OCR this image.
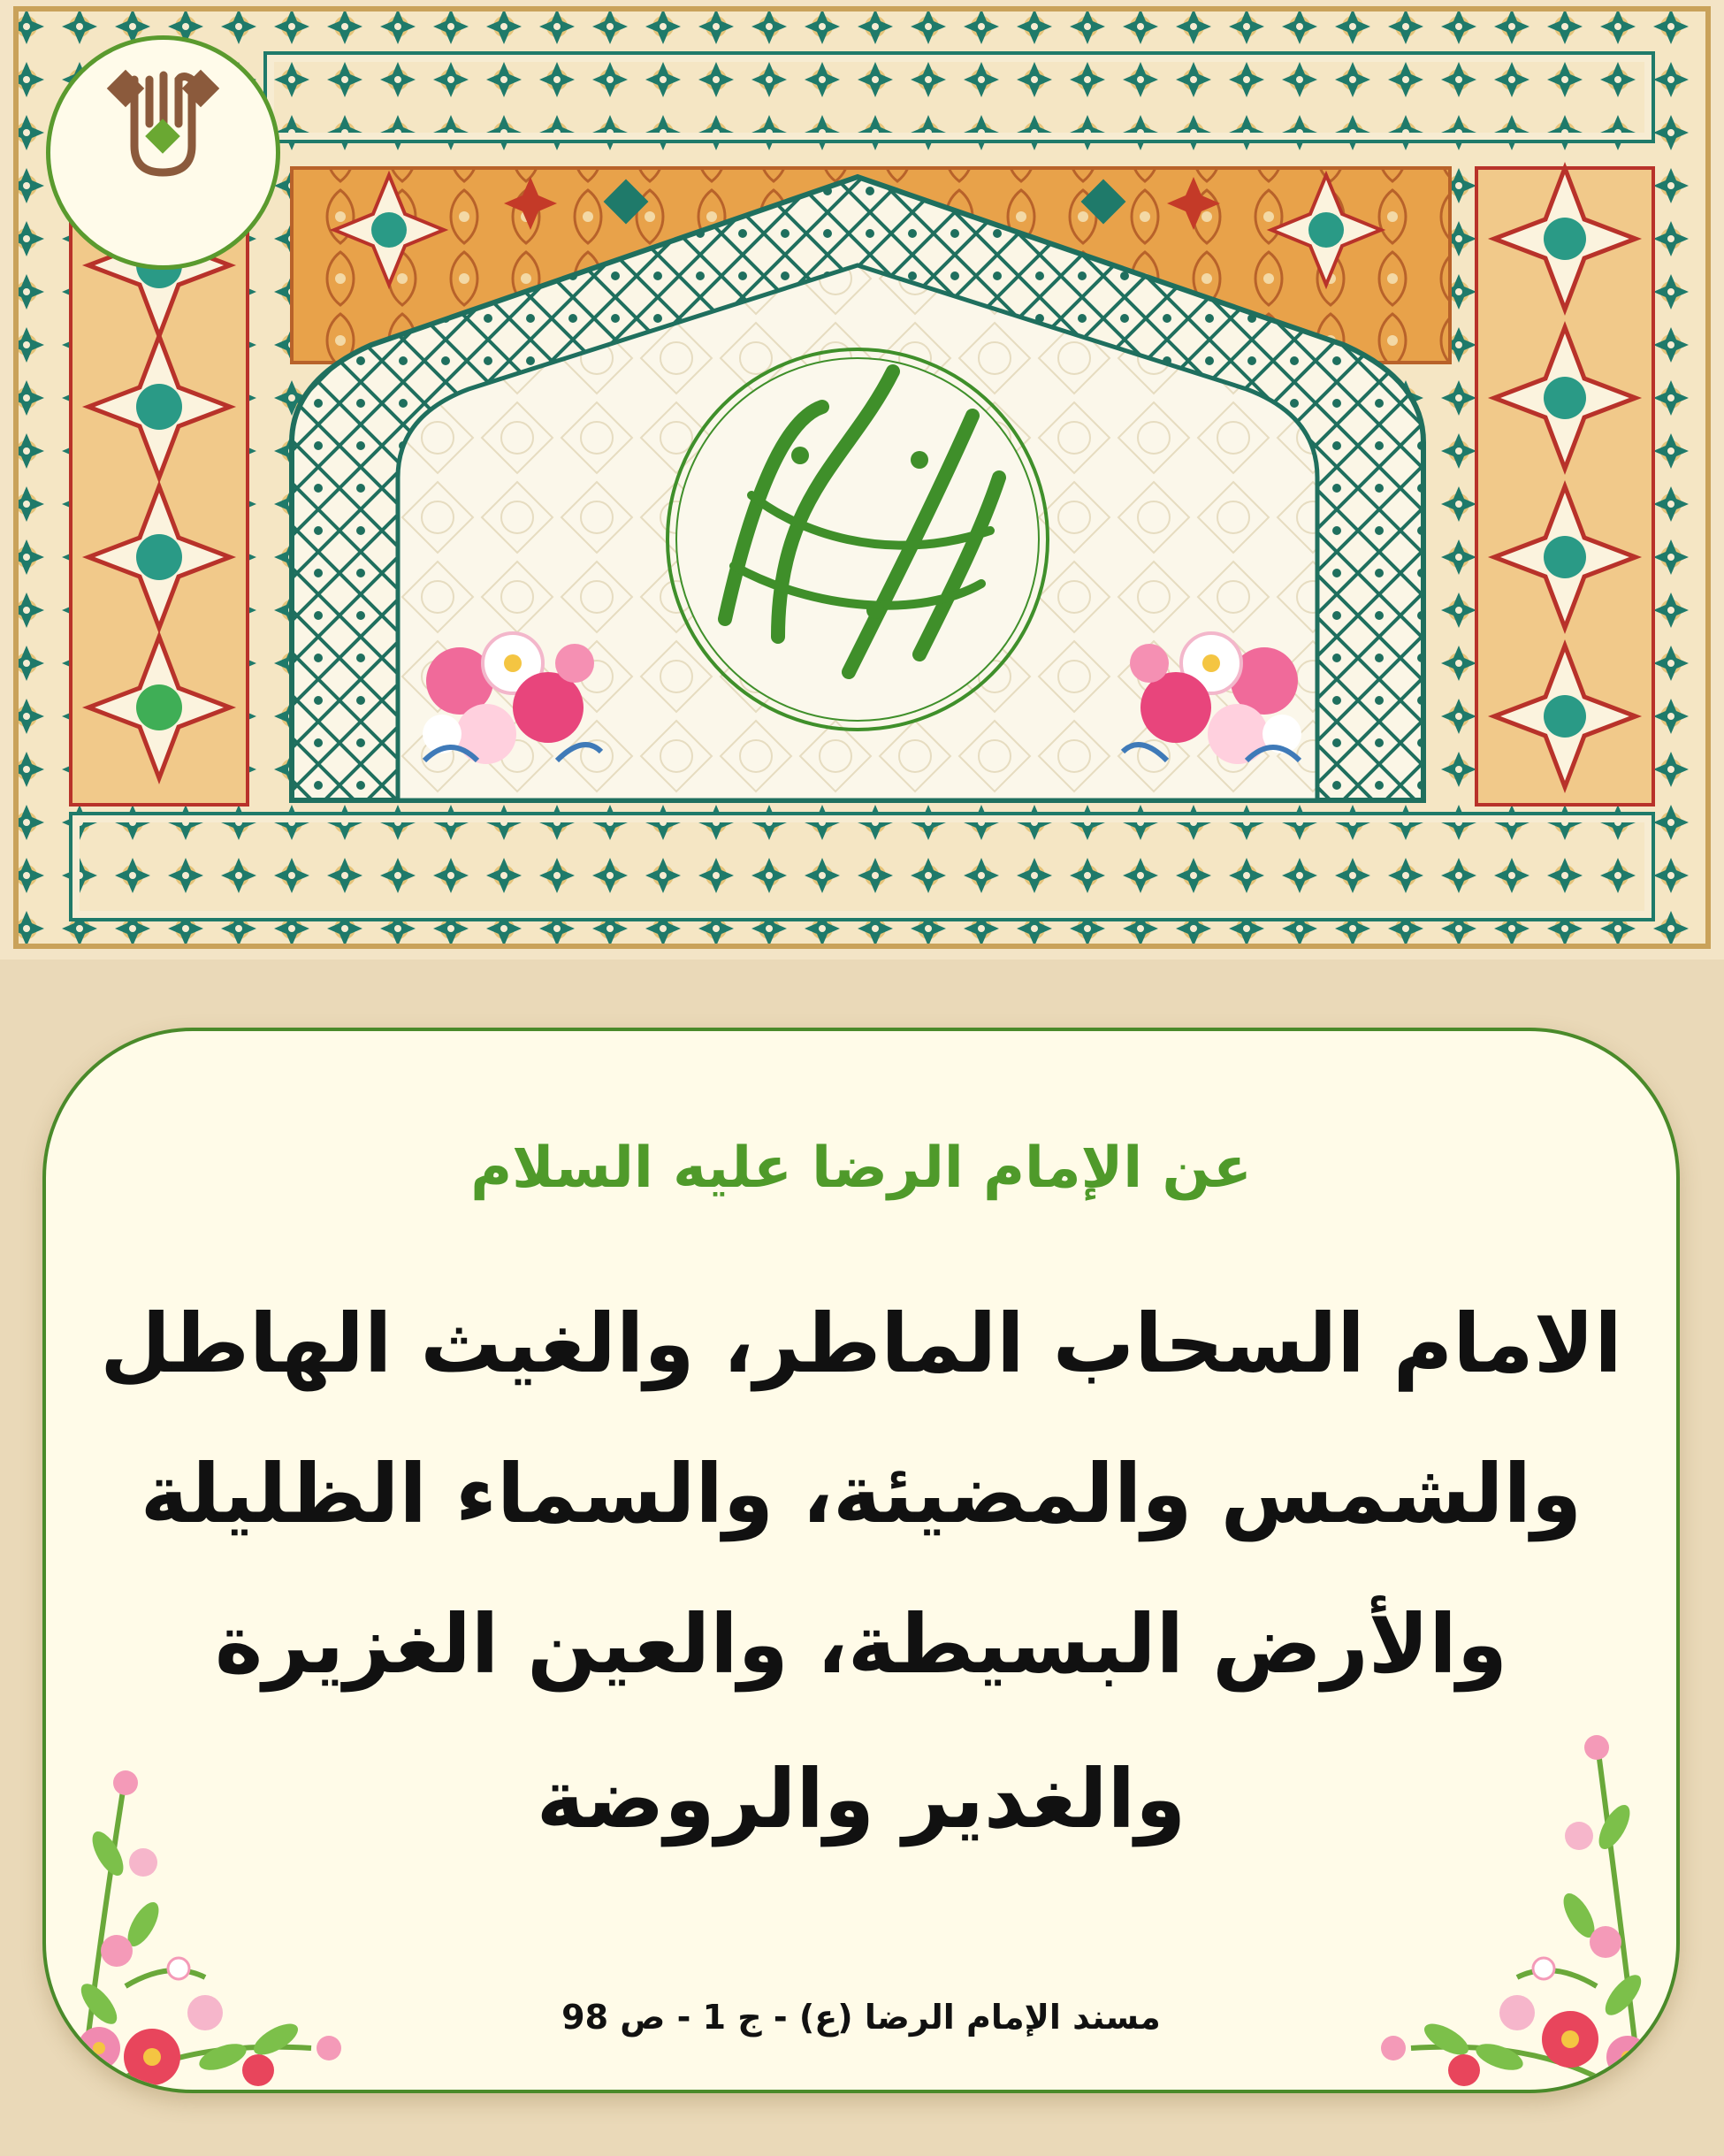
عن الإمام الرضا عليه السلام
الامام السحاب الماطر، والغيث الهاطل
والشمس والمضيئة، والسماء الظليلة
والأرض البسيطة، والعين الغزيرة
والغدير والروضة
مسند الإمام الرضا (ع) - ج 1 - ص 98
